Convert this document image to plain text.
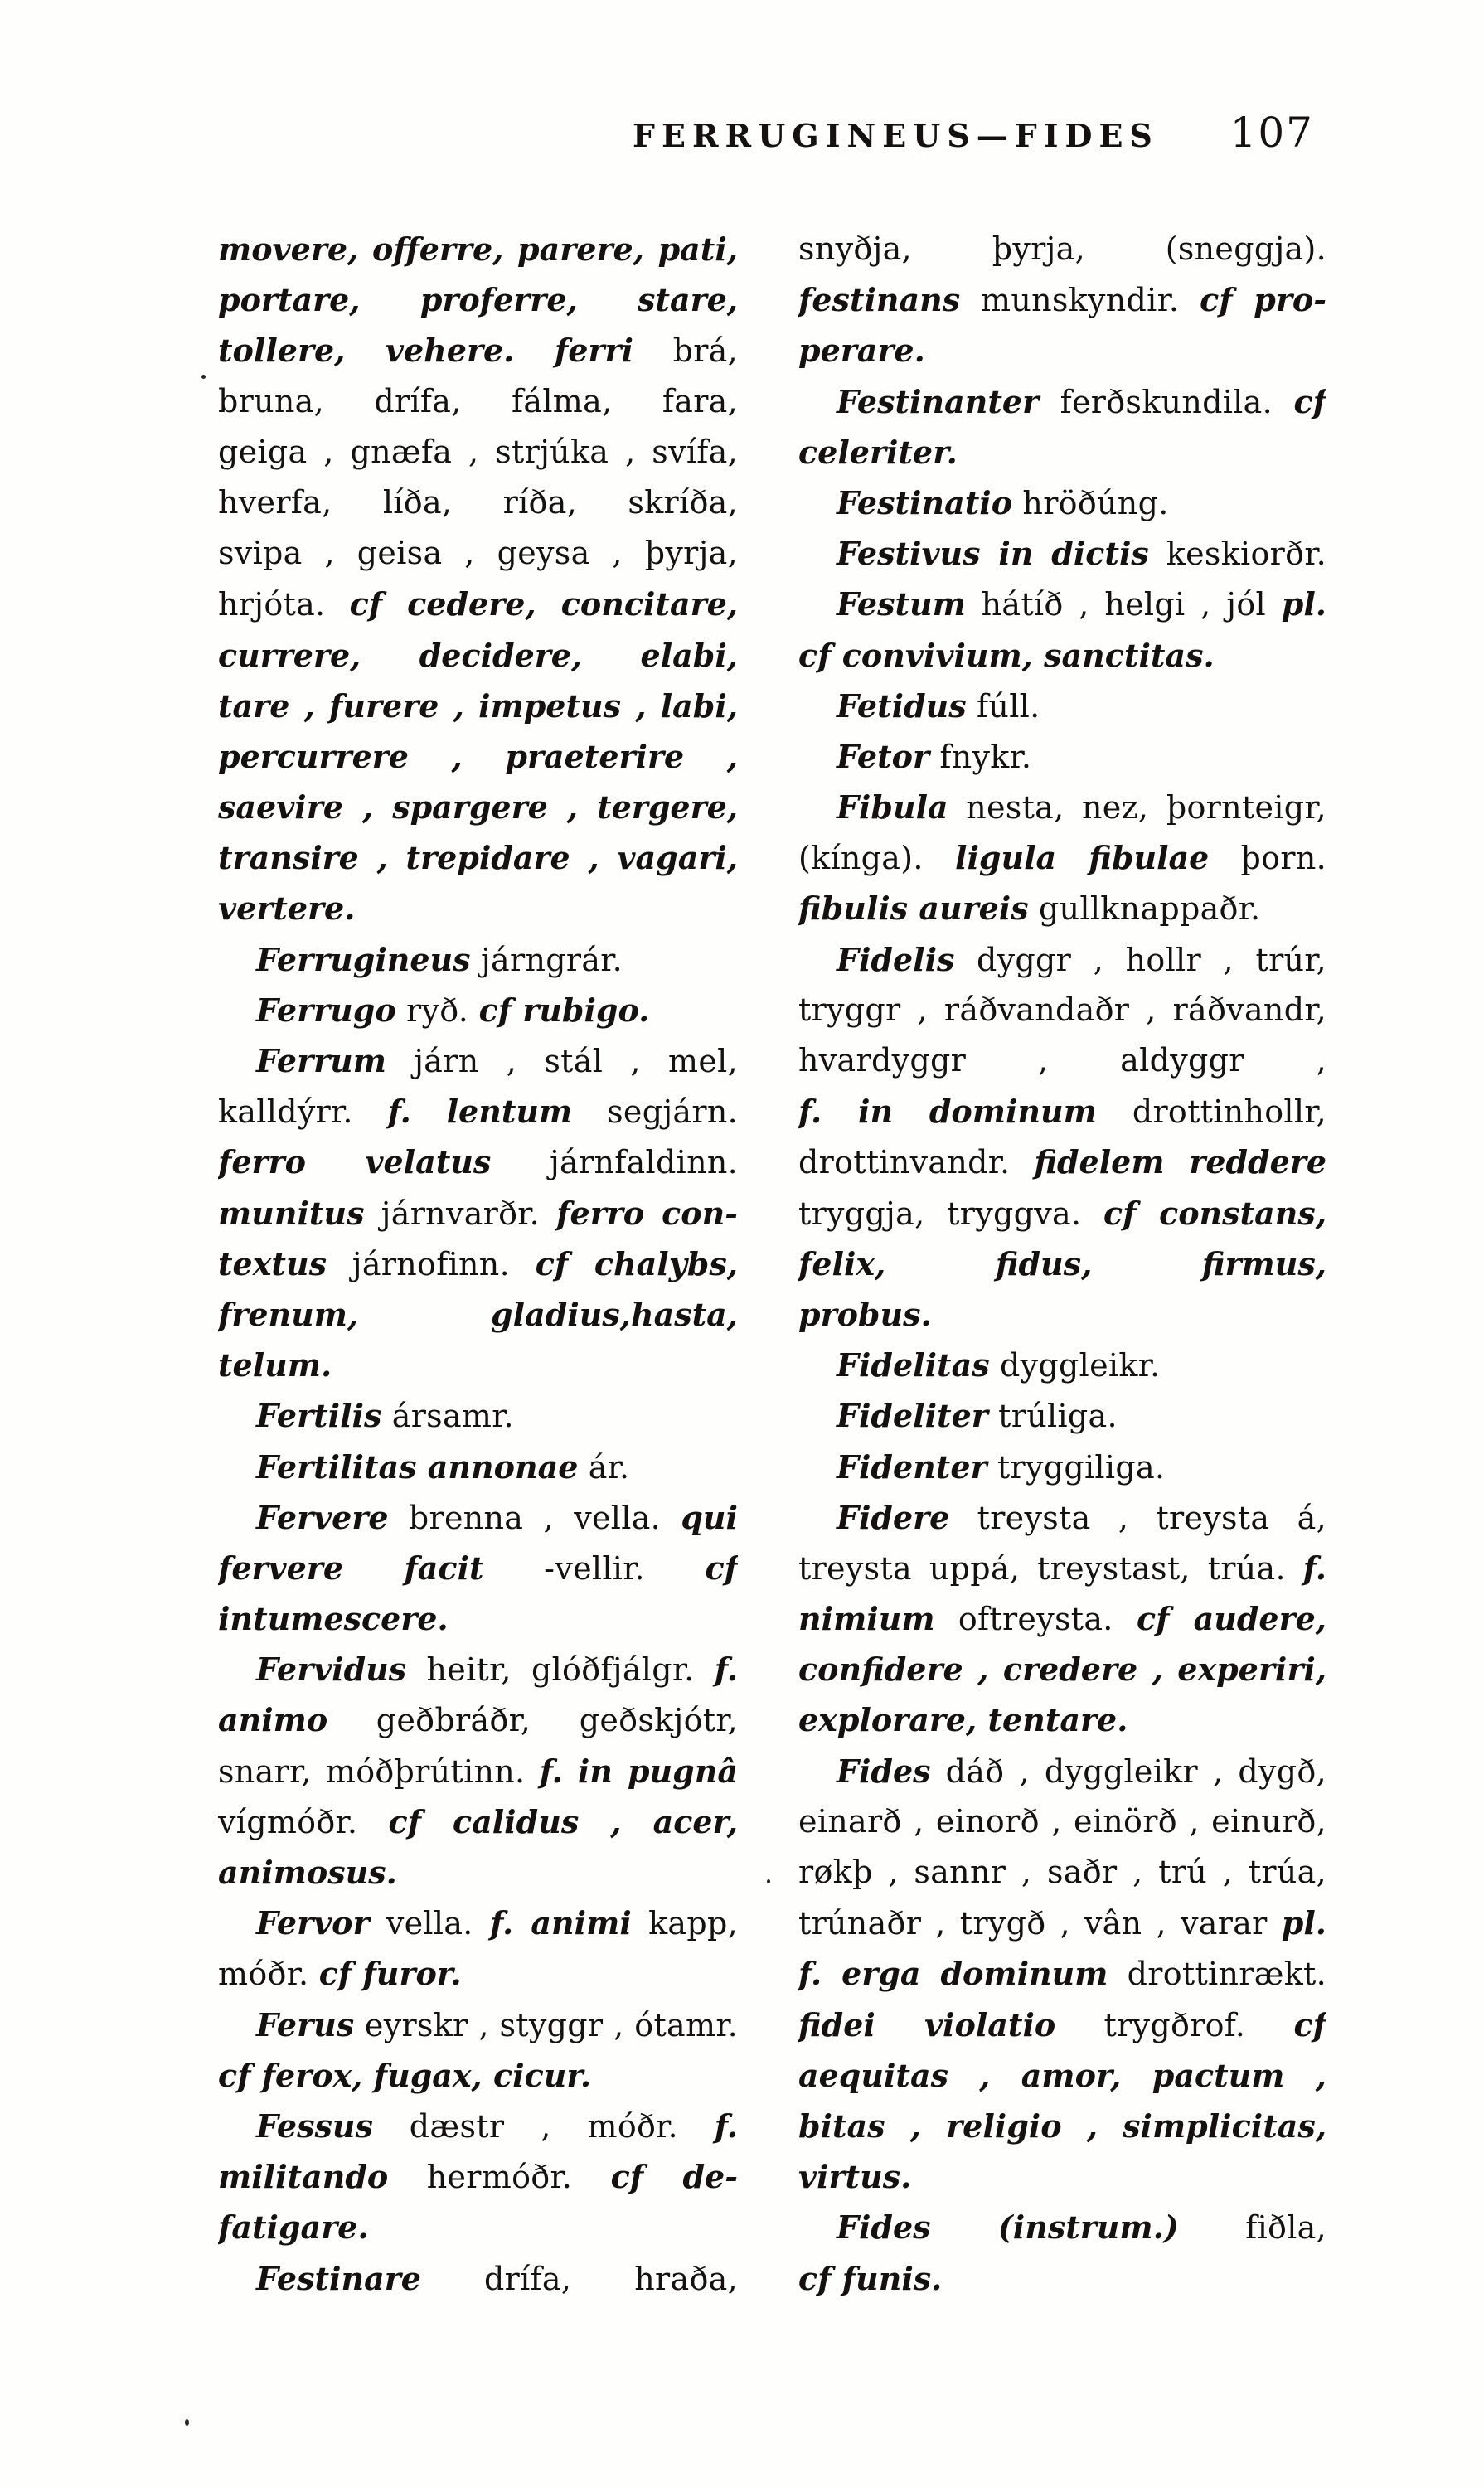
FERRUGINEUS—FIDES 107
movere, offerre, parere, pati,
portare, proferre, stare,
tollere, vehere. ferri brá,
bruna, drífa, fálma, fara,
geiga , gnæfa , strjúka , svífa,
hverfa, líða, ríða, skríða,
svipa , geisa , geysa , þyrja,
hrjóta. cf cedere, concitare,
currere, decidere, elabi,
tare , furere , impetus , labi,
percurrere , praeterire ,
saevire , spargere , tergere,
transire , trepidare , vagari,
vertere.
Ferrugineus járngrár.
Ferrugo ryð. cf rubigo.
Ferrum járn , stál , mel,
kalldýrr. f. lentum segjárn.
ferro velatus járnfaldinn.
munitus járnvarðr. ferro con-
textus járnofinn. cf chalybs,
frenum, gladius,hasta,
telum.
Fertilis ársamr.
Fertilitas annonae ár.
Fervere brenna , vella. qui
fervere facit -vellir. cf
intumescere.
Fervidus heitr, glóðfjálgr. f.
animo geðbráðr, geðskjótr,
snarr, móðþrútinn. f. in pugnâ
vígmóðr. cf calidus , acer,
animosus.
Fervor vella. f. animi kapp,
móðr. cf furor.
Ferus eyrskr , styggr , ótamr.
cf ferox, fugax, cicur.
Fessus dæstr , móðr. f.
militando hermóðr. cf de-
fatigare.
Festinare drífa, hraða,
snyðja, þyrja, (sneggja).
festinans munskyndir. cf pro-
perare.
Festinanter ferðskundila. cf
celeriter.
Festinatio hröðúng.
Festivus in dictis keskiorðr.
Festum hátíð , helgi , jól pl.
cf convivium, sanctitas.
Fetidus fúll.
Fetor fnykr.
Fibula nesta, nez, þornteigr,
(kínga). ligula fibulae þorn.
fibulis aureis gullknappaðr.
Fidelis dyggr , hollr , trúr,
tryggr , ráðvandaðr , ráðvandr,
hvardyggr , aldyggr ,
f. in dominum drottinhollr,
drottinvandr. fidelem reddere
tryggja, tryggva. cf constans,
felix, fidus, firmus,
probus.
Fidelitas dyggleikr.
Fideliter trúliga.
Fidenter tryggiliga.
Fidere treysta , treysta á,
treysta uppá, treystast, trúa. f.
nimium oftreysta. cf audere,
confidere , credere , experiri,
explorare, tentare.
Fides dáð , dyggleikr , dygð,
einarð , einorð , einörð , einurð,
røkþ , sannr , saðr , trú , trúa,
trúnaðr , trygð , vân , varar pl.
f. erga dominum drottinrækt.
fidei violatio trygðrof. cf
aequitas , amor, pactum ,
bitas , religio , simplicitas,
virtus.
Fides (instrum.) fiðla,
cf funis.
